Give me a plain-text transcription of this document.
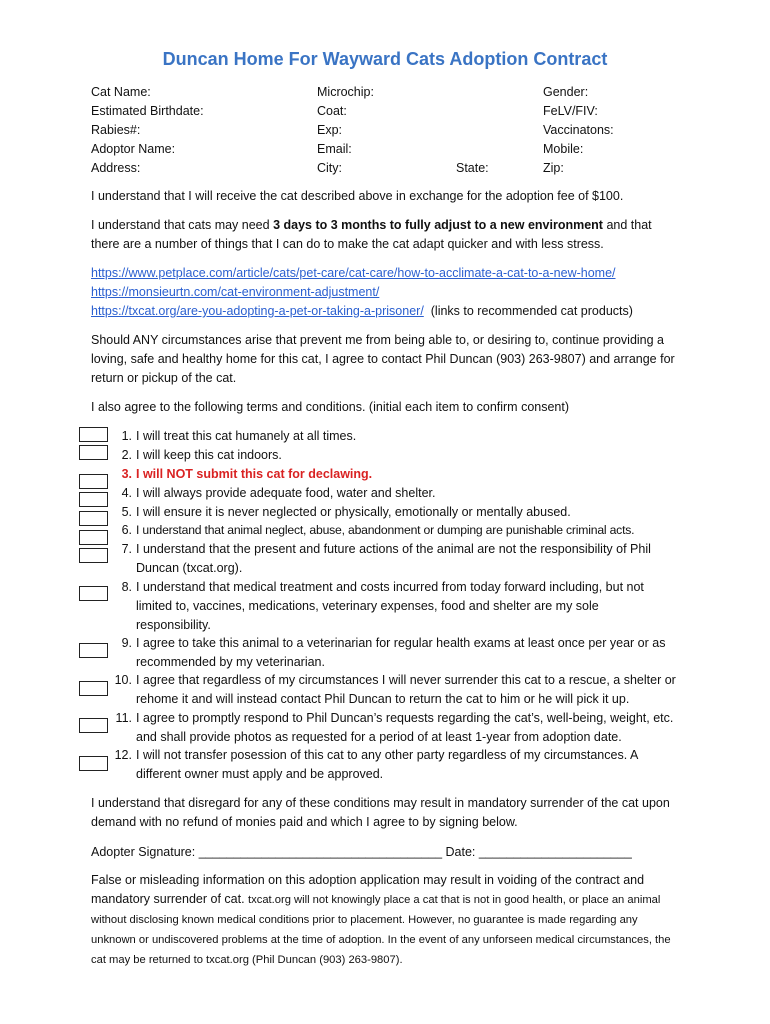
Duncan Home For Wayward Cats Adoption Contract
Cat Name:
Estimated Birthdate:
Rabies#:
Adoptor Name:
Address:
Microchip:
Coat:
Exp:
Email:
City:	State:
Gender:
FeLV/FIV:
Vaccinatons:
Mobile:
Zip:
I understand that I will receive the cat described above in exchange for the adoption fee of $100.
I understand that cats may need 3 days to 3 months to fully adjust to a new environment and that there are a number of things that I can do to make the cat adapt quicker and with less stress.
https://www.petplace.com/article/cats/pet-care/cat-care/how-to-acclimate-a-cat-to-a-new-home/
https://monsieurtn.com/cat-environment-adjustment/
https://txcat.org/are-you-adopting-a-pet-or-taking-a-prisoner/ (links to recommended cat products)
Should ANY circumstances arise that prevent me from being able to, or desiring to, continue providing a loving, safe and healthy home for this cat, I agree to contact Phil Duncan (903) 263-9807) and arrange for return or pickup of the cat.
I also agree to the following terms and conditions. (initial each item to confirm consent)
1. I will treat this cat humanely at all times.
2. I will keep this cat indoors.
3. I will NOT submit this cat for declawing.
4. I will always provide adequate food, water and shelter.
5. I will ensure it is never neglected or physically, emotionally or mentally abused.
6. I understand that animal neglect, abuse, abandonment or dumping are punishable criminal acts.
7. I understand that the present and future actions of the animal are not the responsibility of Phil Duncan (txcat.org).
8. I understand that medical treatment and costs incurred from today forward including, but not limited to, vaccines, medications, veterinary expenses, food and shelter are my sole responsibility.
9. I agree to take this animal to a veterinarian for regular health exams at least once per year or as recommended by my veterinarian.
10. I agree that regardless of my circumstances I will never surrender this cat to a rescue, a shelter or rehome it and will instead contact Phil Duncan to return the cat to him or he will pick it up.
11. I agree to promptly respond to Phil Duncan’s requests regarding the cat’s, well-being, weight, etc. and shall provide photos as requested for a period of at least 1-year from adoption date.
12. I will not transfer posession of this cat to any other party regardless of my circumstances. A different owner must apply and be approved.
I understand that disregard for any of these conditions may result in mandatory surrender of the cat upon demand with no refund of monies paid and which I agree to by signing below.
Adopter Signature: ___________________________________ Date: ______________________
False or misleading information on this adoption application may result in voiding of the contract and mandatory surrender of cat. txcat.org will not knowingly place a cat that is not in good health, or place an animal without disclosing known medical conditions prior to placement. However, no guarantee is made regarding any unknown or undiscovered problems at the time of adoption. In the event of any unforseen medical circumstances, the cat may be returned to txcat.org (Phil Duncan (903) 263-9807).
